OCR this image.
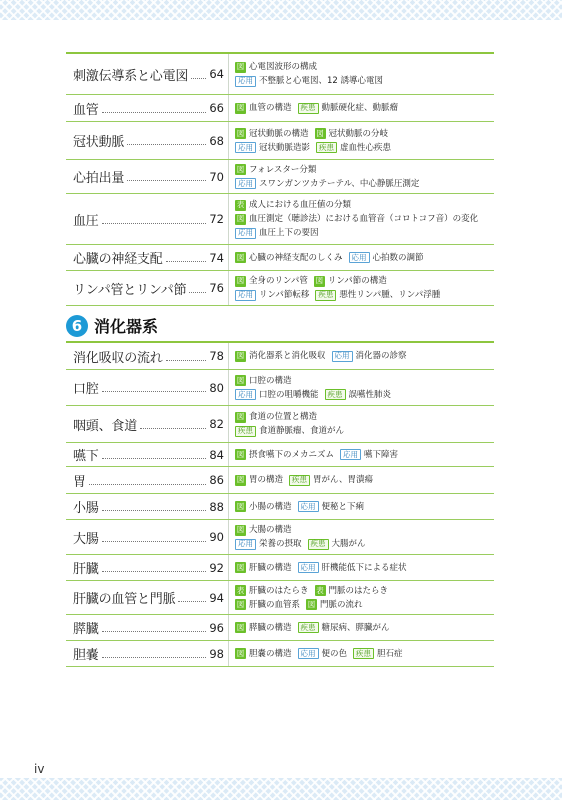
刺激伝導系と心電図 64
図 心電図波形の構成
応用 不整脈と心電図、12 誘導心電図
血管	66	図 血管の構造	疾患 動脈硬化症、動脈瘤
冠状動脈	68
図 冠状動脈の構造 図 冠状動脈の分岐
応用 冠状動脈造影	疾患 虚血性心疾患
心拍出量	70
図 フォレスター分類
応用 スワンガンツカテーテル、中心静脈圧測定
血圧	72
表 成人における血圧値の分類
図 血圧測定（聴診法）における血管音（コロトコフ音）の変化
応用 血圧上下の要因
心臓の神経支配	74	図 心臓の神経支配のしくみ	応用 心拍数の調節
リンパ管とリンパ節 76
図 全身のリンパ管 図 リンパ節の構造
応用 リンパ節転移	疾患 悪性リンパ腫、リンパ浮腫
6 消化器系
消化吸収の流れ	78	図 消化器系と消化吸収	応用 消化器の診察
口腔	80
図 口腔の構造
応用 口腔の咀嚼機能	疾患 誤嚥性肺炎
咽頭、食道	82
図 食道の位置と構造
疾患 食道静脈瘤、食道がん
嚥下	84	図 摂食嚥下のメカニズム	応用 嚥下障害
胃	86	図 胃の構造	疾患 胃がん、胃潰瘍
小腸	88	図 小腸の構造	応用 便秘と下痢
大腸	90
図 大腸の構造
応用 栄養の摂取	疾患 大腸がん
肝臓	92	図 肝臓の構造	応用 肝機能低下による症状
肝臓の血管と門脈	94
表 肝臓のはたらき 表 門脈のはたらき
図 肝臓の血管系 図 門脈の流れ
膵臓	96	図 膵臓の構造	疾患 糖尿病、膵臓がん
胆嚢	98	図 胆嚢の構造	応用 便の色	疾患 胆石症
iv
